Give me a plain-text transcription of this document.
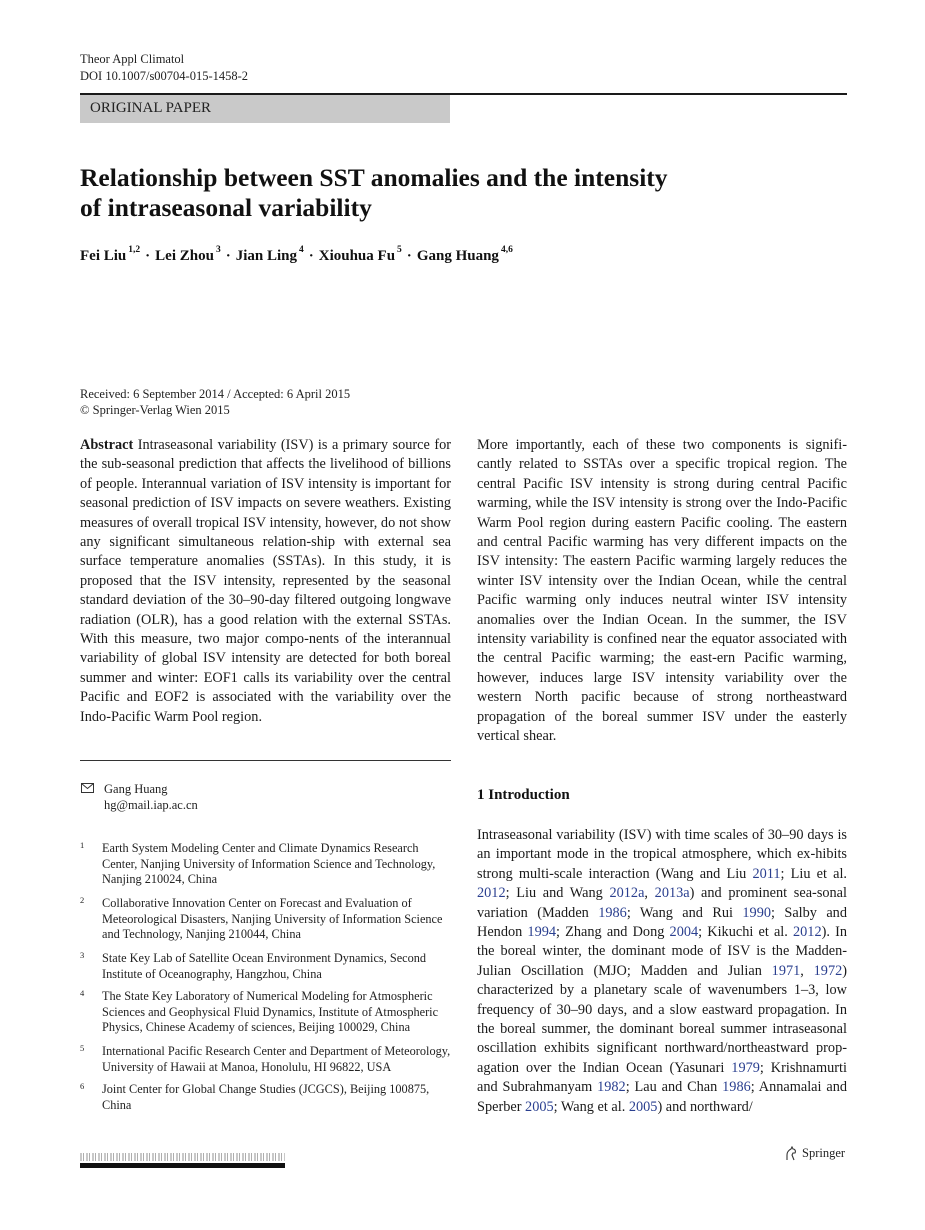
Theor Appl Climatol
DOI 10.1007/s00704-015-1458-2
ORIGINAL PAPER
Relationship between SST anomalies and the intensity
of intraseasonal variability
Fei Liu $^{1,2}$ · Lei Zhou $^3$ · Jian Ling $^4$ · Xiouhua Fu $^5$ · Gang Huang $^{4,6}$
Received: 6 September 2014 / Accepted: 6 April 2015
© Springer-Verlag Wien 2015
Abstract Intraseasonal variability (ISV) is a primary source for the sub-seasonal prediction that affects the livelihood of billions of people. Interannual variation of ISV intensity is important for seasonal prediction of ISV impacts on severe weathers. Existing measures of overall tropical ISV intensity, however, do not show any significant simultaneous relation-ship with external sea surface temperature anomalies (SSTAs). In this study, it is proposed that the ISV intensity, represented by the seasonal standard deviation of the 30–90-day filtered outgoing longwave radiation (OLR), has a good relation with the external SSTAs. With this measure, two major compo-nents of the interannual variability of global ISV intensity are detected for both boreal summer and winter: EOF1 calls its variability over the central Pacific and EOF2 is associated with the variability over the Indo-Pacific Warm Pool region.
More importantly, each of these two components is signifi-cantly related to SSTAs over a specific tropical region. The central Pacific ISV intensity is strong during central Pacific warming, while the ISV intensity is strong over the Indo-Pacific Warm Pool region during eastern Pacific cooling. The eastern and central Pacific warming has very different impacts on the ISV intensity: The eastern Pacific warming largely reduces the winter ISV intensity over the Indian Ocean, while the central Pacific warming only induces neutral winter ISV intensity anomalies over the Indian Ocean. In the summer, the ISV intensity variability is confined near the equator associated with the central Pacific warming; the east-ern Pacific warming, however, induces large ISV intensity variability over the western North pacific because of strong northeastward propagation of the boreal summer ISV under the easterly vertical shear.
Gang Huang
hg@mail.iap.ac.cn
1 Earth System Modeling Center and Climate Dynamics Research Center, Nanjing University of Information Science and Technology, Nanjing 210024, China
2 Collaborative Innovation Center on Forecast and Evaluation of Meteorological Disasters, Nanjing University of Information Science and Technology, Nanjing 210044, China
3 State Key Lab of Satellite Ocean Environment Dynamics, Second Institute of Oceanography, Hangzhou, China
4 The State Key Laboratory of Numerical Modeling for Atmospheric Sciences and Geophysical Fluid Dynamics, Institute of Atmospheric Physics, Chinese Academy of sciences, Beijing 100029, China
5 International Pacific Research Center and Department of Meteorology, University of Hawaii at Manoa, Honolulu, HI 96822, USA
6 Joint Center for Global Change Studies (JCGCS), Beijing 100875, China
1 Introduction
Intraseasonal variability (ISV) with time scales of 30–90 days is an important mode in the tropical atmosphere, which ex-hibits strong multi-scale interaction (Wang and Liu 2011; Liu et al. 2012; Liu and Wang 2012a, 2013a) and prominent sea-sonal variation (Madden 1986; Wang and Rui 1990; Salby and Hendon 1994; Zhang and Dong 2004; Kikuchi et al. 2012). In the boreal winter, the dominant mode of ISV is the Madden-Julian Oscillation (MJO; Madden and Julian 1971, 1972) characterized by a planetary scale of wavenumbers 1–3, low frequency of 30–90 days, and a slow eastward propagation. In the boreal summer, the dominant boreal summer intraseasonal oscillation exhibits significant northward/northeastward prop-agation over the Indian Ocean (Yasunari 1979; Krishnamurti and Subrahmanyam 1982; Lau and Chan 1986; Annamalai and Sperber 2005; Wang et al. 2005) and northward/
Springer
